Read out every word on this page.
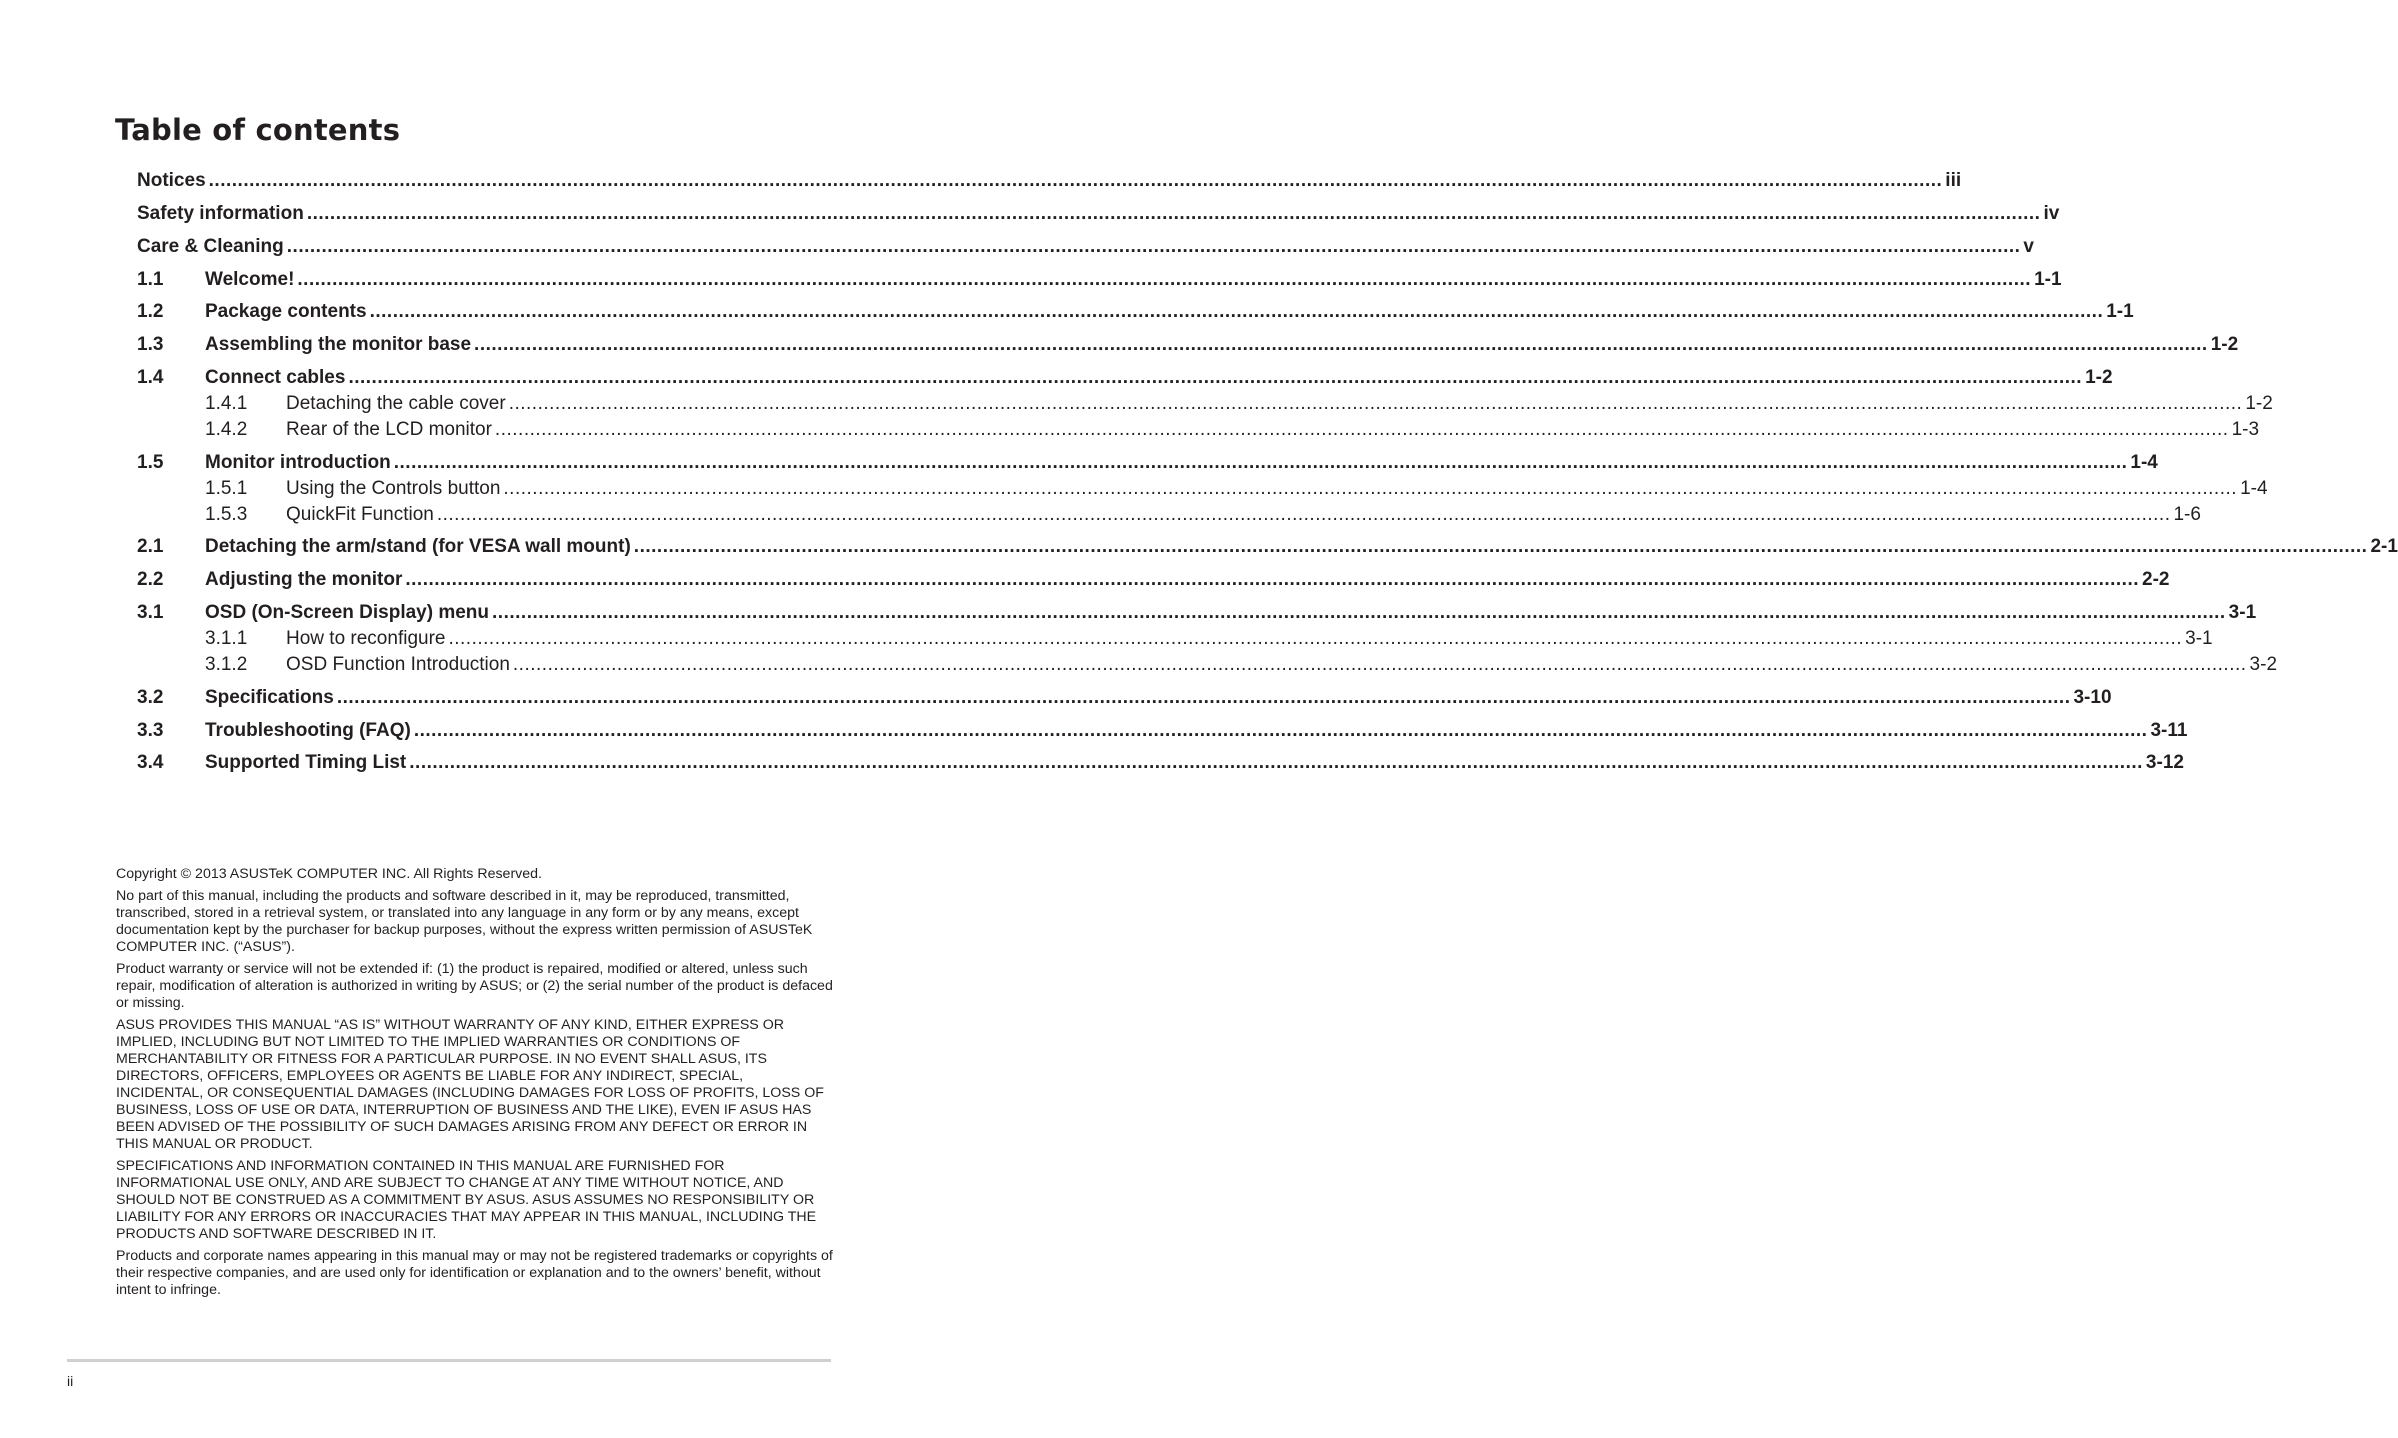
Table of contents
Notices ............................................................................................................................................................................................................................................................................................................ iii
Safety information ............................................................................................................................................................................................................................................................................................................ iv
Care & Cleaning ............................................................................................................................................................................................................................................................................................................ v
1.1	Welcome! ............................................................................................................................................................................................................................................................................................................ 1-1
1.2	Package contents ............................................................................................................................................................................................................................................................................................................ 1-1
1.3	Assembling the monitor base ............................................................................................................................................................................................................................................................................................................ 1-2
1.4	Connect cables ............................................................................................................................................................................................................................................................................................................ 1-2
1.4.1	Detaching the cable cover ............................................................................................................................................................................................................................................................................................................ 1-2
1.4.2	Rear of the LCD monitor ............................................................................................................................................................................................................................................................................................................ 1-3
1.5	Monitor introduction ............................................................................................................................................................................................................................................................................................................ 1-4
1.5.1	Using the Controls button ............................................................................................................................................................................................................................................................................................................ 1-4
1.5.3	QuickFit Function ............................................................................................................................................................................................................................................................................................................ 1-6
2.1	Detaching the arm/stand (for VESA wall mount) ............................................................................................................................................................................................................................................................................................................ 2-1
2.2	Adjusting the monitor ............................................................................................................................................................................................................................................................................................................ 2-2
3.1	OSD (On-Screen Display) menu ............................................................................................................................................................................................................................................................................................................ 3-1
3.1.1	How to reconfigure ............................................................................................................................................................................................................................................................................................................ 3-1
3.1.2	OSD Function Introduction ............................................................................................................................................................................................................................................................................................................ 3-2
3.2	Specifications ............................................................................................................................................................................................................................................................................................................ 3-10
3.3	Troubleshooting (FAQ) ............................................................................................................................................................................................................................................................................................................ 3-11
3.4	Supported Timing List ............................................................................................................................................................................................................................................................................................................ 3-12

Copyright © 2013 ASUSTeK COMPUTER INC. All Rights Reserved.

No part of this manual, including the products and software described in it, may be reproduced, transmitted, transcribed, stored in a retrieval system, or translated into any language in any form or by any means, except documentation kept by the purchaser for backup purposes, without the express written permission of ASUSTeK COMPUTER INC. (“ASUS”).

Product warranty or service will not be extended if: (1) the product is repaired, modified or altered, unless such repair, modification of alteration is authorized in writing by ASUS; or (2) the serial number of the product is defaced or missing.

ASUS PROVIDES THIS MANUAL “AS IS” WITHOUT WARRANTY OF ANY KIND, EITHER EXPRESS OR IMPLIED, INCLUDING BUT NOT LIMITED TO THE IMPLIED WARRANTIES OR CONDITIONS OF MERCHANTABILITY OR FITNESS FOR A PARTICULAR PURPOSE. IN NO EVENT SHALL ASUS, ITS DIRECTORS, OFFICERS, EMPLOYEES OR AGENTS BE LIABLE FOR ANY INDIRECT, SPECIAL, INCIDENTAL, OR CONSEQUENTIAL DAMAGES (INCLUDING DAMAGES FOR LOSS OF PROFITS, LOSS OF BUSINESS, LOSS OF USE OR DATA, INTERRUPTION OF BUSINESS AND THE LIKE), EVEN IF ASUS HAS BEEN ADVISED OF THE POSSIBILITY OF SUCH DAMAGES ARISING FROM ANY DEFECT OR ERROR IN THIS MANUAL OR PRODUCT.

SPECIFICATIONS AND INFORMATION CONTAINED IN THIS MANUAL ARE FURNISHED FOR INFORMATIONAL USE ONLY, AND ARE SUBJECT TO CHANGE AT ANY TIME WITHOUT NOTICE, AND SHOULD NOT BE CONSTRUED AS A COMMITMENT BY ASUS. ASUS ASSUMES NO RESPONSIBILITY OR LIABILITY FOR ANY ERRORS OR INACCURACIES THAT MAY APPEAR IN THIS MANUAL, INCLUDING THE PRODUCTS AND SOFTWARE DESCRIBED IN IT.

Products and corporate names appearing in this manual may or may not be registered trademarks or copyrights of their respective companies, and are used only for identification or explanation and to the owners’ benefit, without intent to infringe.

ii
